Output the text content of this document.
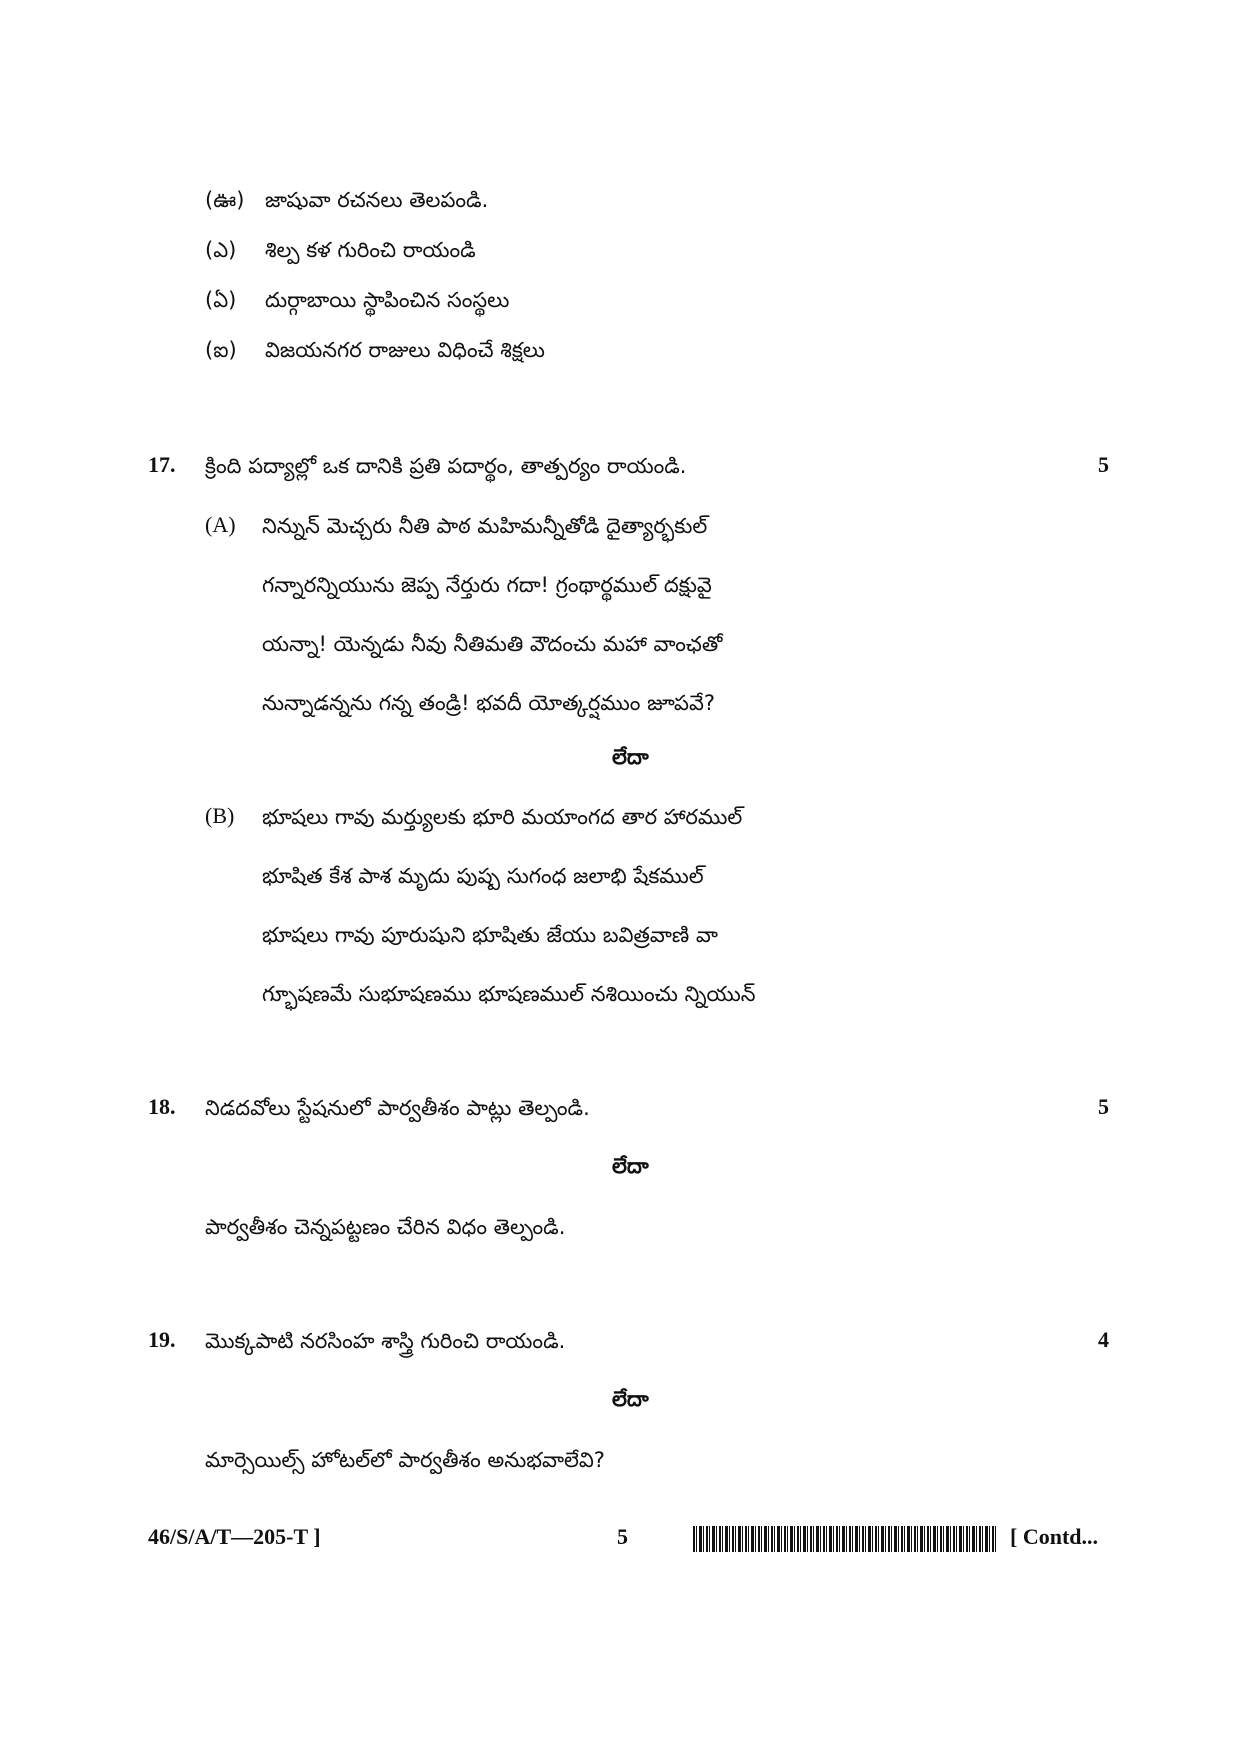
(ఊ) జాషువా రచనలు తెలపండి.
(ఎ) శిల్ప కళ గురించి రాయండి
(ఏ) దుర్గాబాయి స్థాపించిన సంస్థలు
(ఐ) విజయనగర రాజులు విధించే శిక్షలు
17. క్రింది పద్యాల్లో ఒక దానికి ప్రతి పదార్థం, తాత్పర్యం రాయండి.	5
(A) నిన్నున్ మెచ్చరు నీతి పాఠ మహిమన్నీతోడి దైత్యార్భకుల్
గన్నారన్నియును జెప్ప నేర్తురు గదా! గ్రంథార్థముల్ దక్షువై
యన్నా! యెన్నడు నీవు నీతిమతి వౌదంచు మహా వాంఛతో
నున్నాడన్నను గన్న తండ్రి! భవదీ యోత్కర్షముం జూపవే?
లేదా
(B) భూషలు గావు మర్త్యులకు భూరి మయాంగద తార హారముల్
భూషిత కేశ పాశ మృదు పుష్ప సుగంధ జలాభి షేకముల్
భూషలు గావు పూరుషుని భూషితు జేయు బవిత్రవాణి వా
గ్భూషణమే సుభూషణము భూషణముల్ నశియించు న్నియున్
18. నిడదవోలు స్టేషనులో పార్వతీశం పాట్లు తెల్పండి.	5
లేదా
పార్వతీశం చెన్నపట్టణం చేరిన విధం తెల్పండి.
19. మొక్కపాటి నరసింహ శాస్త్రి గురించి రాయండి.	4
లేదా
మార్సెయిల్స్ హోటల్‌లో పార్వతీశం అనుభవాలేవి?
46/S/A/T—205-T ]	5	[ Contd...
